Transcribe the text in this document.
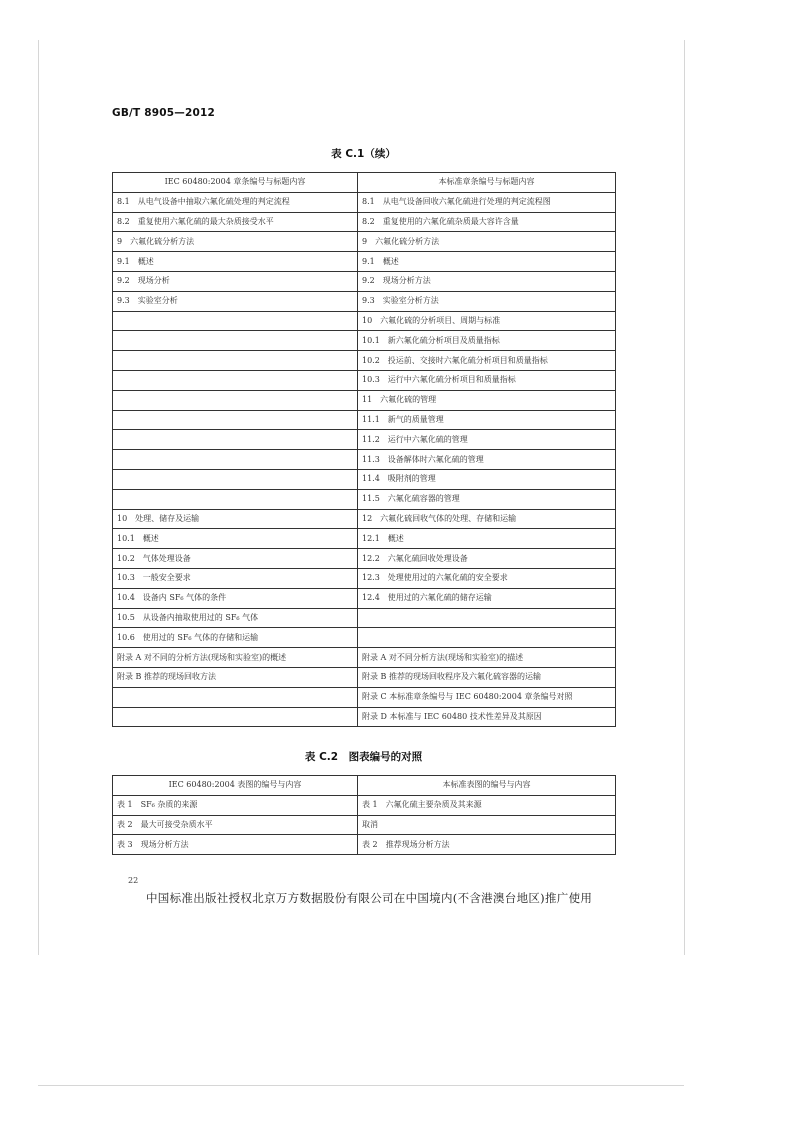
GB/T 8905—2012
表 C.1（续）
IEC 60480:2004 章条编号与标题内容	本标准章条编号与标题内容
8.1　从电气设备中抽取六氟化硫处理的判定流程	8.1　从电气设备回收六氟化硫进行处理的判定流程图
8.2　重复使用六氟化硫的最大杂质接受水平	8.2　重复使用的六氟化硫杂质最大容许含量
9　六氟化硫分析方法	9　六氟化硫分析方法
9.1　概述	9.1　概述
9.2　现场分析	9.2　现场分析方法
9.3　实验室分析	9.3　实验室分析方法
	10　六氟化硫的分析项目、周期与标准
	10.1　新六氟化硫分析项目及质量指标
	10.2　投运前、交接时六氟化硫分析项目和质量指标
	10.3　运行中六氟化硫分析项目和质量指标
	11　六氟化硫的管理
	11.1　新气的质量管理
	11.2　运行中六氟化硫的管理
	11.3　设备解体时六氟化硫的管理
	11.4　吸附剂的管理
	11.5　六氟化硫容器的管理
10　处理、储存及运输	12　六氟化硫回收气体的处理、存储和运输
10.1　概述	12.1　概述
10.2　气体处理设备	12.2　六氟化硫回收处理设备
10.3　一般安全要求	12.3　处理使用过的六氟化硫的安全要求
10.4　设备内 SF₆ 气体的条件	12.4　使用过的六氟化硫的储存运输
10.5　从设备内抽取使用过的 SF₆ 气体	
10.6　使用过的 SF₆ 气体的存储和运输	
附录 A 对不同的分析方法(现场和实验室)的概述	附录 A 对不同分析方法(现场和实验室)的描述
附录 B 推荐的现场回收方法	附录 B 推荐的现场回收程序及六氟化硫容器的运输
	附录 C 本标准章条编号与 IEC 60480:2004 章条编号对照
	附录 D 本标准与 IEC 60480 技术性差异及其原因
表 C.2　图表编号的对照
IEC 60480:2004 表图的编号与内容	本标准表图的编号与内容
表 1　SF₆ 杂质的来源	表 1　六氟化硫主要杂质及其来源
表 2　最大可接受杂质水平	取消
表 3　现场分析方法	表 2　推荐现场分析方法
22
中国标准出版社授权北京万方数据股份有限公司在中国境内(不含港澳台地区)推广使用
